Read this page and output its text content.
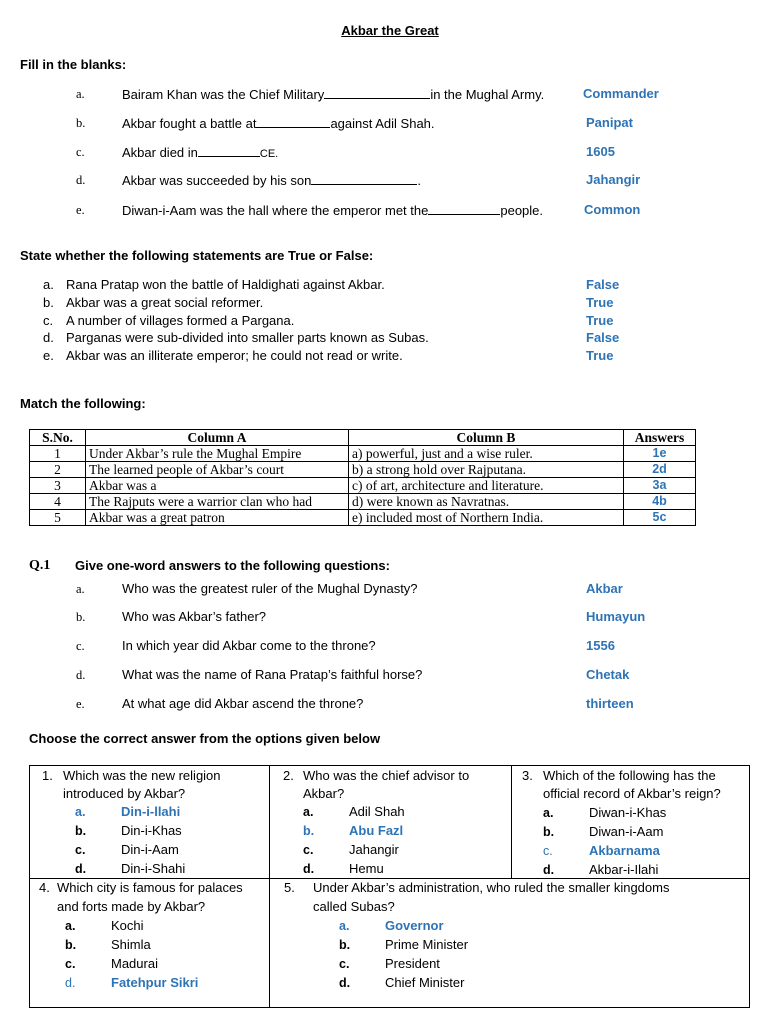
Akbar the Great
Fill in the blanks:
a.	Bairam Khan was the Chief Military	in the Mughal Army.	Commander
b.	Akbar fought a battle at	against Adil Shah.	Panipat
c.	Akbar died in	CE.	1605
d.	Akbar was succeeded by his son	.	Jahangir
e.	Diwan-i-Aam was the hall where the emperor met the	people.	Common
State whether the following statements are True or False:
a. Rana Pratap won the battle of Haldighati against Akbar.	False
b. Akbar was a great social reformer.	True
c. A number of villages formed a Pargana.	True
d. Parganas were sub-divided into smaller parts known as Subas.	False
e. Akbar was an illiterate emperor; he could not read or write.	True
Match the following:
S.No.	Column A	Column B	Answers
1	Under Akbar’s rule the Mughal Empire	a) powerful, just and a wise ruler.	1e
2	The learned people of Akbar’s court	b) a strong hold over Rajputana.	2d
3	Akbar was a	c) of art, architecture and literature.	3a
4	The Rajputs were a warrior clan who had	d) were known as Navratnas.	4b
5	Akbar was a great patron	e) included most of Northern India.	5c
Q.1 Give one-word answers to the following questions:
a.	Who was the greatest ruler of the Mughal Dynasty?	Akbar
b.	Who was Akbar’s father?	Humayun
c.	In which year did Akbar come to the throne?	1556
d.	What was the name of Rana Pratap’s faithful horse?	Chetak
e.	At what age did Akbar ascend the throne?	thirteen
Choose the correct answer from the options given below
1. Which was the new religion
introduced by Akbar?
a.	Din-i-llahi
b.	Din-i-Khas
c.	Din-i-Aam
d.	Din-i-Shahi
2. Who was the chief advisor to
Akbar?
a.	Adil Shah
b.	Abu Fazl
c.	Jahangir
d.	Hemu
3. Which of the following has the
official record of Akbar’s reign?
a.	Diwan-i-Khas
b.	Diwan-i-Aam
c.	Akbarnama
d.	Akbar-i-Ilahi
4. Which city is famous for palaces
and forts made by Akbar?
a.	Kochi
b.	Shimla
c.	Madurai
d.	Fatehpur Sikri
5. Under Akbar’s administration, who ruled the smaller kingdoms
called Subas?
a.	Governor
b.	Prime Minister
c.	President
d.	Chief Minister
